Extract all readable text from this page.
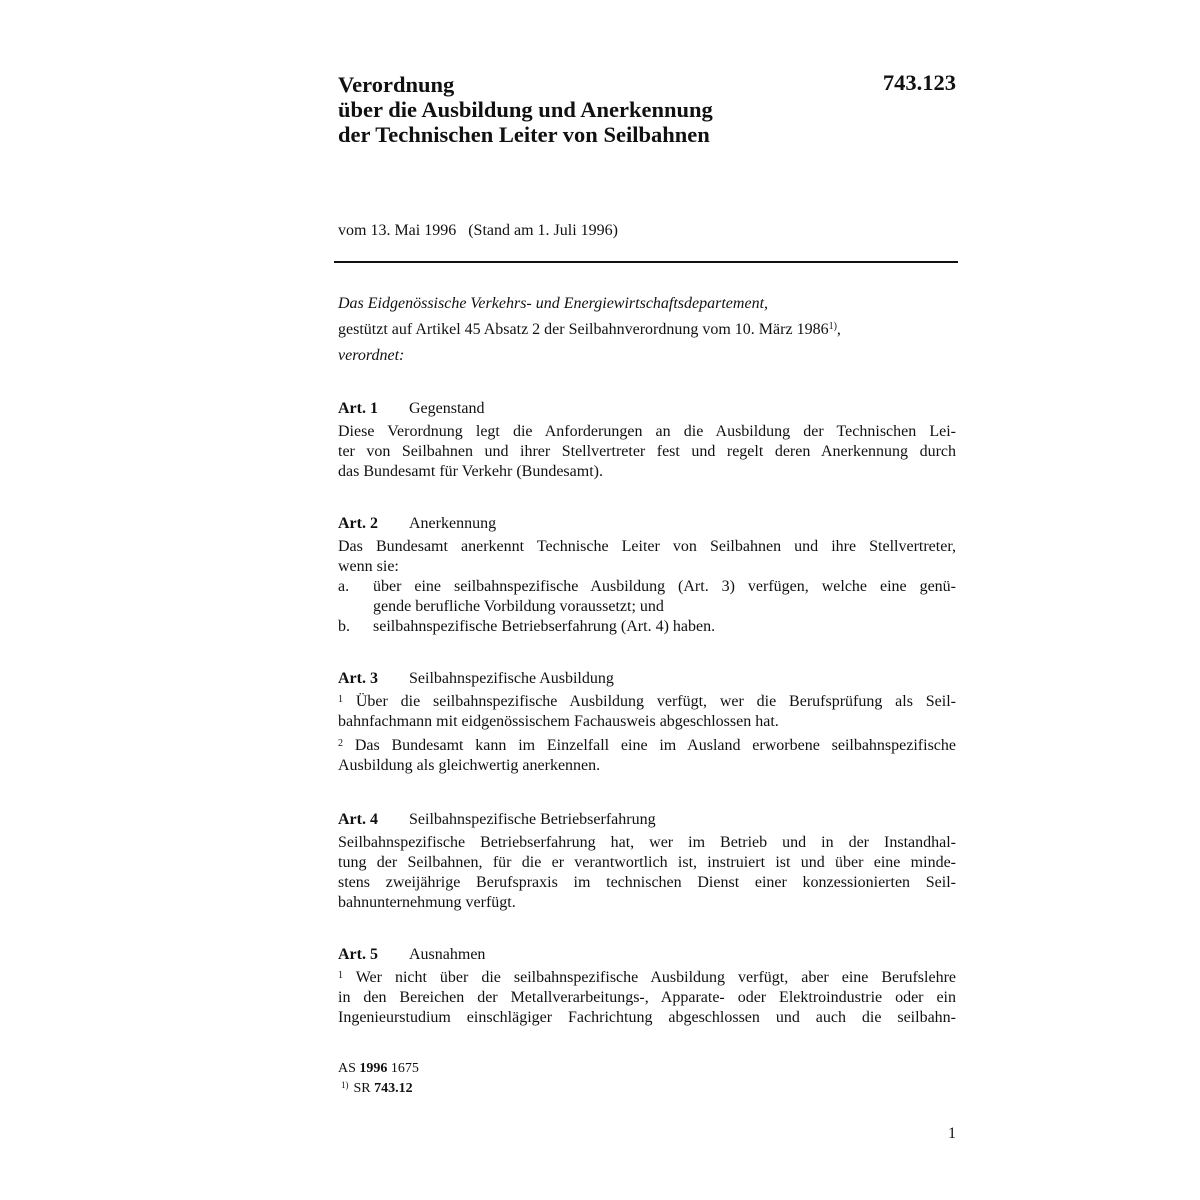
Verordnung
über die Ausbildung und Anerkennung
der Technischen Leiter von Seilbahnen
743.123
vom 13. Mai 1996   (Stand am 1. Juli 1996)
Das Eidgenössische Verkehrs- und Energiewirtschaftsdepartement,
gestützt auf Artikel 45 Absatz 2 der Seilbahnverordnung vom 10. März 1986$^{1)}$,
verordnet:
Art. 1 Gegenstand
Diese Verordnung legt die Anforderungen an die Ausbildung der Technischen Lei-
ter von Seilbahnen und ihrer Stellvertreter fest und regelt deren Anerkennung durch
das Bundesamt für Verkehr (Bundesamt).
Art. 2 Anerkennung
Das Bundesamt anerkennt Technische Leiter von Seilbahnen und ihre Stellvertreter,
wenn sie:
a.	über eine seilbahnspezifische Ausbildung (Art. 3) verfügen, welche eine genü-
gende berufliche Vorbildung voraussetzt; und
b.	seilbahnspezifische Betriebserfahrung (Art. 4) haben.
Art. 3 Seilbahnspezifische Ausbildung
$^1$ Über die seilbahnspezifische Ausbildung verfügt, wer die Berufsprüfung als Seil-
bahnfachmann mit eidgenössischem Fachausweis abgeschlossen hat.
$^2$ Das Bundesamt kann im Einzelfall eine im Ausland erworbene seilbahnspezifische
Ausbildung als gleichwertig anerkennen.
Art. 4 Seilbahnspezifische Betriebserfahrung
Seilbahnspezifische Betriebserfahrung hat, wer im Betrieb und in der Instandhal-
tung der Seilbahnen, für die er verantwortlich ist, instruiert ist und über eine minde-
stens zweijährige Berufspraxis im technischen Dienst einer konzessionierten Seil-
bahnunternehmung verfügt.
Art. 5 Ausnahmen
$^1$ Wer nicht über die seilbahnspezifische Ausbildung verfügt, aber eine Berufslehre
in den Bereichen der Metallverarbeitungs-, Apparate- oder Elektroindustrie oder ein
Ingenieurstudium einschlägiger Fachrichtung abgeschlossen und auch die seilbahn-
AS 1996 1675
$^{1)}$ SR 743.12
1
